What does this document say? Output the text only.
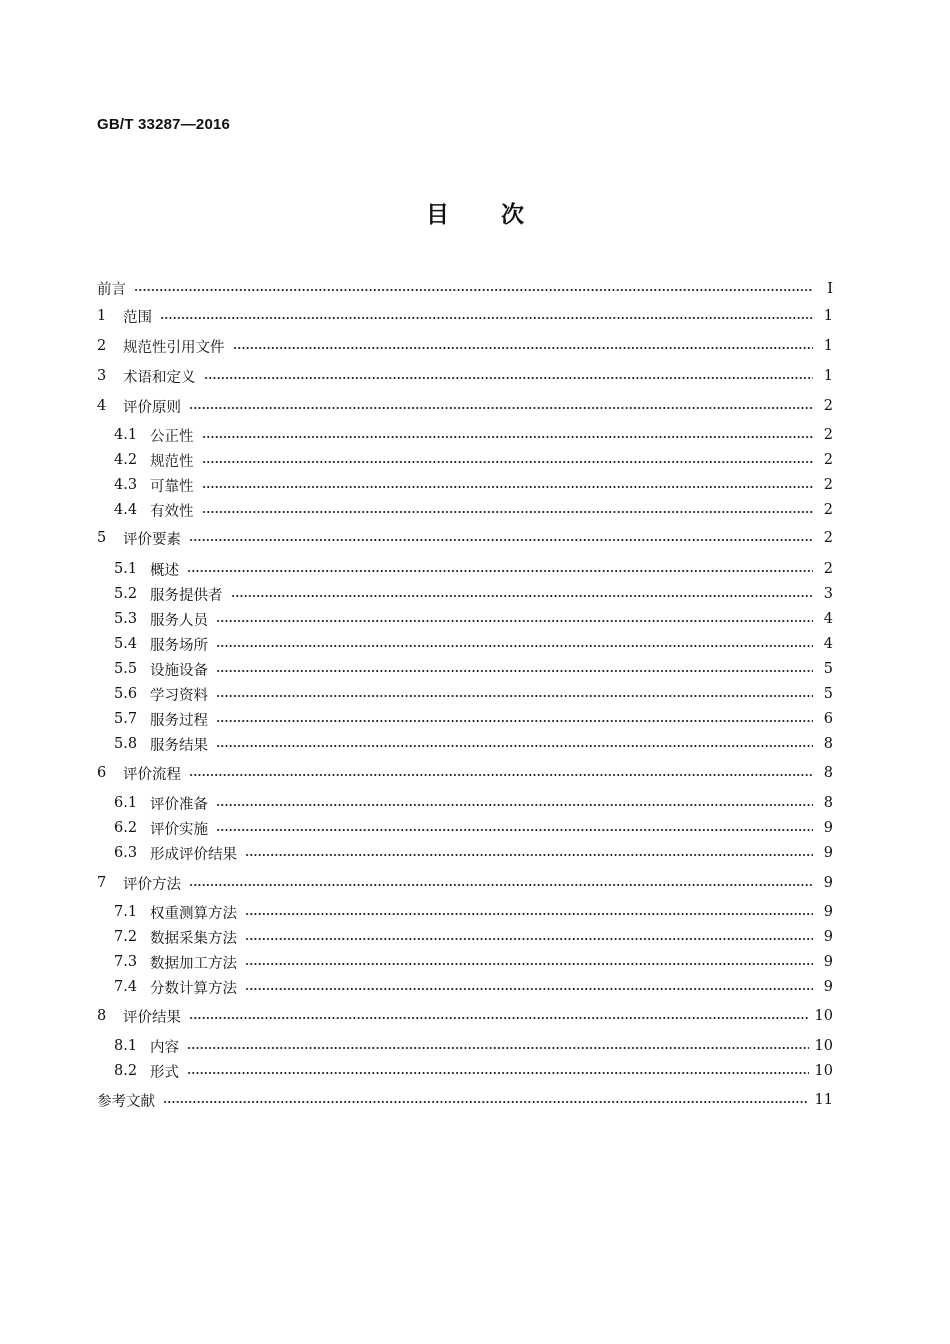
GB/T 33287—2016
目次
前言	I
1	范围	1
2	规范性引用文件	1
3	术语和定义	1
4	评价原则	2
4.1 公正性	2
4.2 规范性	2
4.3 可靠性	2
4.4 有效性	2
5	评价要素	2
5.1 概述	2
5.2 服务提供者	3
5.3 服务人员	4
5.4 服务场所	4
5.5 设施设备	5
5.6 学习资料	5
5.7 服务过程	6
5.8 服务结果	8
6	评价流程	8
6.1 评价准备	8
6.2 评价实施	9
6.3 形成评价结果	9
7	评价方法	9
7.1 权重测算方法	9
7.2 数据采集方法	9
7.3 数据加工方法	9
7.4 分数计算方法	9
8	评价结果	10
8.1 内容	10
8.2 形式	10
参考文献	11
